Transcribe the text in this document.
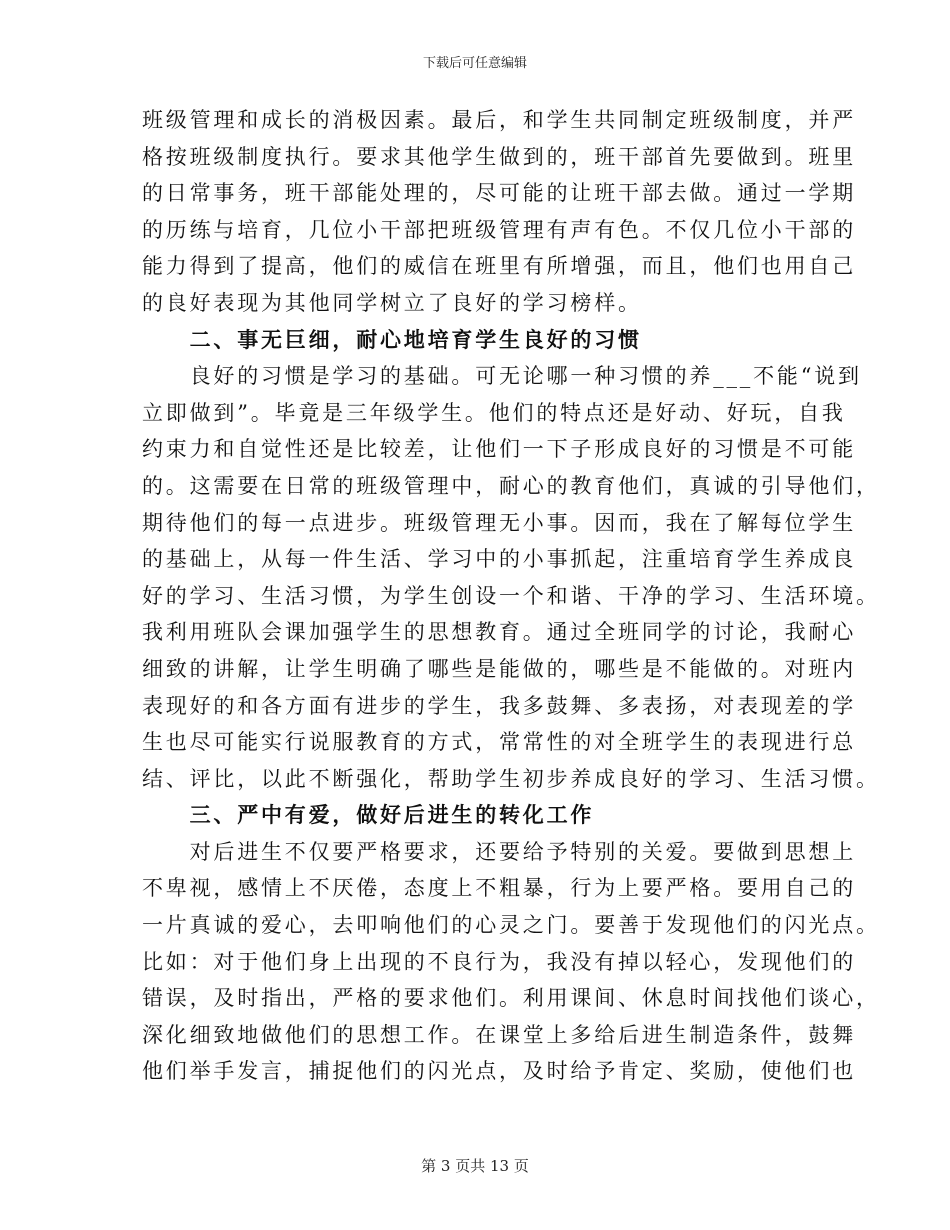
下载后可任意编辑
班级管理和成长的消极因素。最后，和学生共同制定班级制度，并严
格按班级制度执行。要求其他学生做到的，班干部首先要做到。班里
的日常事务，班干部能处理的，尽可能的让班干部去做。通过一学期
的历练与培育，几位小干部把班级管理有声有色。不仅几位小干部的
能力得到了提高，他们的威信在班里有所增强，而且，他们也用自己
的良好表现为其他同学树立了良好的学习榜样。
　　二、事无巨细，耐心地培育学生良好的习惯
　　良好的习惯是学习的基础。可无论哪一种习惯的养___不能“说到
立即做到”。毕竟是三年级学生。他们的特点还是好动、好玩，自我
约束力和自觉性还是比较差，让他们一下子形成良好的习惯是不可能
的。这需要在日常的班级管理中，耐心的教育他们，真诚的引导他们，
期待他们的每一点进步。班级管理无小事。因而，我在了解每位学生
的基础上，从每一件生活、学习中的小事抓起，注重培育学生养成良
好的学习、生活习惯，为学生创设一个和谐、干净的学习、生活环境。
我利用班队会课加强学生的思想教育。通过全班同学的讨论，我耐心
细致的讲解，让学生明确了哪些是能做的，哪些是不能做的。对班内
表现好的和各方面有进步的学生，我多鼓舞、多表扬，对表现差的学
生也尽可能实行说服教育的方式，常常性的对全班学生的表现进行总
结、评比，以此不断强化，帮助学生初步养成良好的学习、生活习惯。
　　三、严中有爱，做好后进生的转化工作
　　对后进生不仅要严格要求，还要给予特别的关爱。要做到思想上
不卑视，感情上不厌倦，态度上不粗暴，行为上要严格。要用自己的
一片真诚的爱心，去叩响他们的心灵之门。要善于发现他们的闪光点。
比如：对于他们身上出现的不良行为，我没有掉以轻心，发现他们的
错误，及时指出，严格的要求他们。利用课间、休息时间找他们谈心，
深化细致地做他们的思想工作。在课堂上多给后进生制造条件，鼓舞
他们举手发言，捕捉他们的闪光点，及时给予肯定、奖励，使他们也
第 3 页共 13 页
